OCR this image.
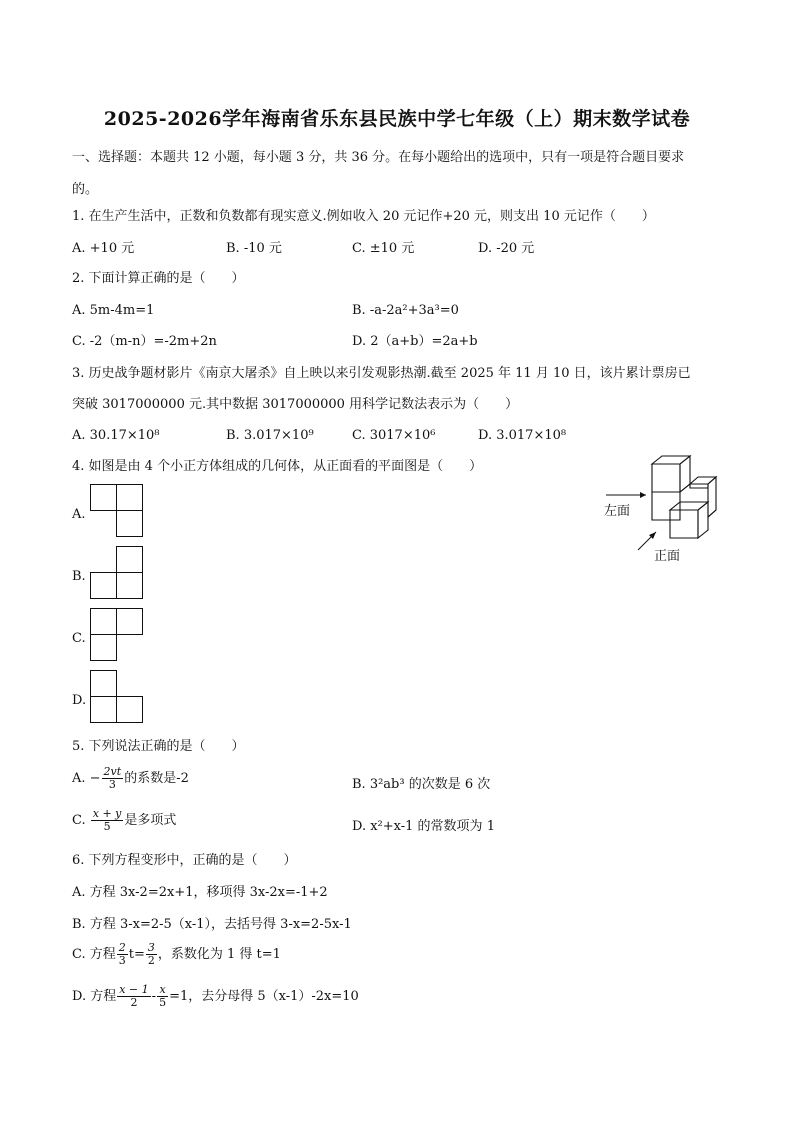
2025-2026学年海南省乐东县民族中学七年级（上）期末数学试卷
一、选择题：本题共 12 小题，每小题 3 分，共 36 分。在每小题给出的选项中，只有一项是符合题目要求
的。
1. 在生产生活中，正数和负数都有现实意义.例如收入 20 元记作+20 元，则支出 10 元记作（　　）
A. +10 元	B. -10 元	C. ±10 元	D. -20 元
2. 下面计算正确的是（　　）
A. 5m-4m=1	B. -a-2a²+3a³=0
C. -2（m-n）=-2m+2n	D. 2（a+b）=2a+b
3. 历史战争题材影片《南京大屠杀》自上映以来引发观影热潮.截至 2025 年 11 月 10 日，该片累计票房已
突破 3017000000 元.其中数据 3017000000 用科学记数法表示为（　　）
A. 30.17×10⁸	B. 3.017×10⁹	C. 3017×10⁶	D. 3.017×10⁸
4. 如图是由 4 个小正方体组成的几何体，从正面看的平面图是（　　）
A.
B.
C.
D.
左面
正面
5. 下列说法正确的是（　　）
A. − $\frac{2vt}{3}$ 的系数是-2	B. 3²ab³ 的次数是 6 次
C. $\frac{x + y}{5}$ 是多项式	D. x²+x-1 的常数项为 1
6. 下列方程变形中，正确的是（　　）
A. 方程 3x-2=2x+1，移项得 3x-2x=-1+2
B. 方程 3-x=2-5（x-1），去括号得 3-x=2-5x-1
C. 方程 $\frac{2}{3} t= \frac{3}{2}$ ，系数化为 1 得 t=1
D. 方程 $\frac{x - 1}{2} - \frac{x}{5} =1$，去分母得 5（x-1）-2x=10
